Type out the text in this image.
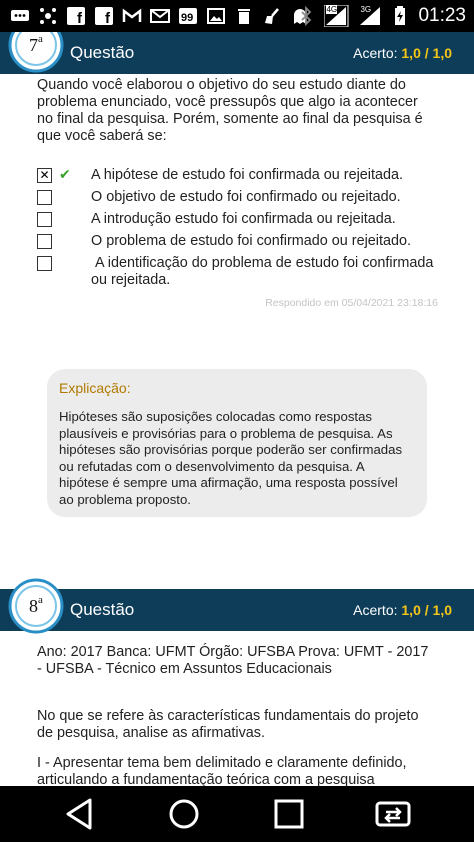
f f	99
4G	3G 01:23
Questão	Acerto: 1,0 / 1,0
7$^a$
Quando você elaborou o objetivo do seu estudo diante do problema enunciado, você pressupôs que algo ia acontecer no final da pesquisa. Porém, somente ao final da pesquisa é que você saberá se:
✕
✔ A hipótese de estudo foi confirmada ou rejeitada.
O objetivo de estudo foi confirmado ou rejeitado.
A introdução estudo foi confirmada ou rejeitada.
O problema de estudo foi confirmado ou rejeitado.
A identificação do problema de estudo foi confirmada ou rejeitada.
Respondido em 05/04/2021 23:18:16
Explicação:
Hipóteses são suposições colocadas como respostas plausíveis e provisórias para o problema de pesquisa. As hipóteses são provisórias porque poderão ser confirmadas ou refutadas com o desenvolvimento da pesquisa. A hipótese é sempre uma afirmação, uma resposta possível ao problema proposto.
Questão	Acerto: 1,0 / 1,0
8$^a$
Ano: 2017 Banca: UFMT Órgão: UFSBA Prova: UFMT - 2017 - UFSBA - Técnico em Assuntos Educacionais
No que se refere às características fundamentais do projeto de pesquisa, analise as afirmativas.
I - Apresentar tema bem delimitado e claramente definido, articulando a fundamentação teórica com a pesquisa
